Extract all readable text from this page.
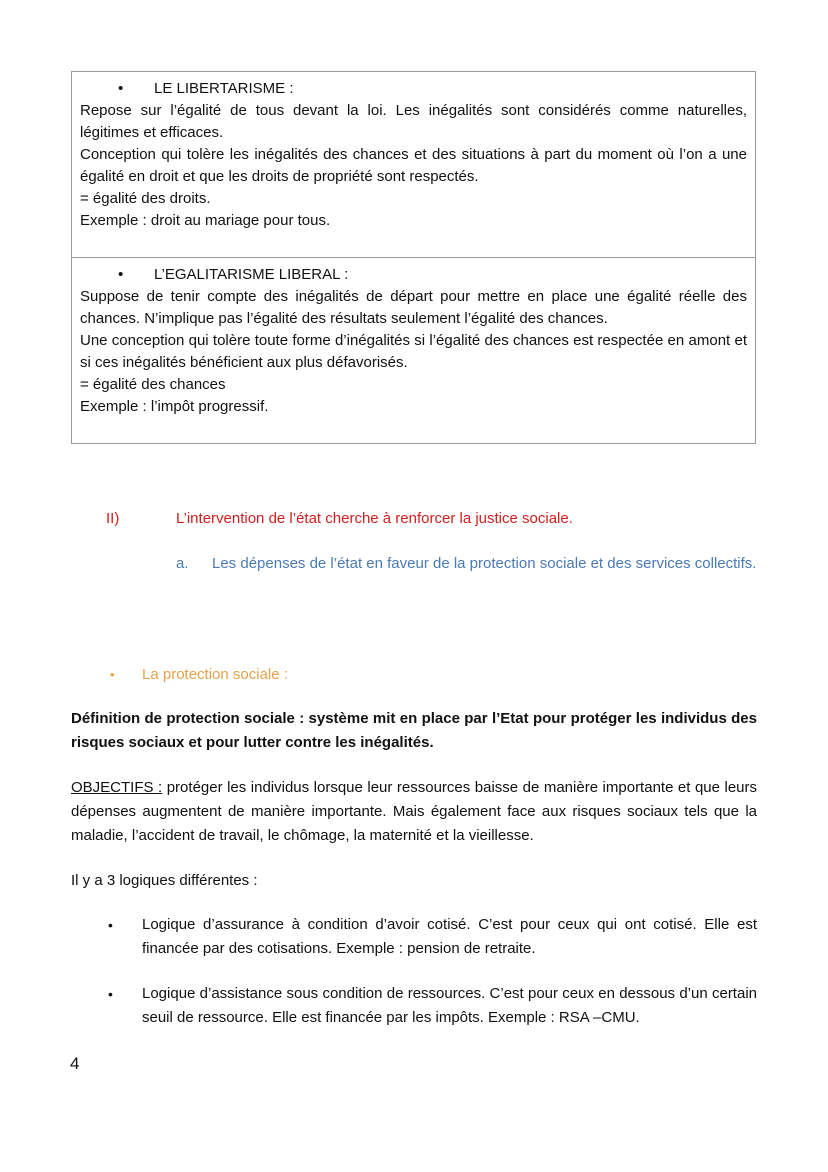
• LE LIBERTARISME :
Repose sur l’égalité de tous devant la loi. Les inégalités sont considérés comme naturelles, légitimes et efficaces.
Conception qui tolère les inégalités des chances et des situations à part du moment où l’on a une égalité en droit et que les droits de propriété sont respectés.
= égalité des droits.
Exemple : droit au mariage pour tous.
• L’EGALITARISME LIBERAL :
Suppose de tenir compte des inégalités de départ pour mettre en place une égalité réelle des chances. N’implique pas l’égalité des résultats seulement l’égalité des chances.
Une conception qui tolère toute forme d’inégalités si l’égalité des chances est respectée en amont et si ces inégalités bénéficient aux plus défavorisés.
= égalité des chances
Exemple : l’impôt progressif.
II)	L’intervention de l’état cherche à renforcer la justice sociale.
a. Les dépenses de l’état en faveur de la protection sociale et des services collectifs.
• La protection sociale :
Définition de protection sociale : système mit en place par l’Etat pour protéger les individus des risques sociaux et pour lutter contre les inégalités.
OBJECTIFS : protéger les individus lorsque leur ressources baisse de manière importante et que leurs dépenses augmentent de manière importante. Mais également face aux risques sociaux tels que la maladie, l’accident de travail, le chômage, la maternité et la vieillesse.
Il y a 3 logiques différentes :
• Logique d’assurance à condition d’avoir cotisé. C’est pour ceux qui ont cotisé. Elle est financée par des cotisations. Exemple : pension de retraite.
• Logique d’assistance sous condition de ressources. C’est pour ceux en dessous d’un certain seuil de ressource. Elle est financée par les impôts. Exemple : RSA –CMU.
4
